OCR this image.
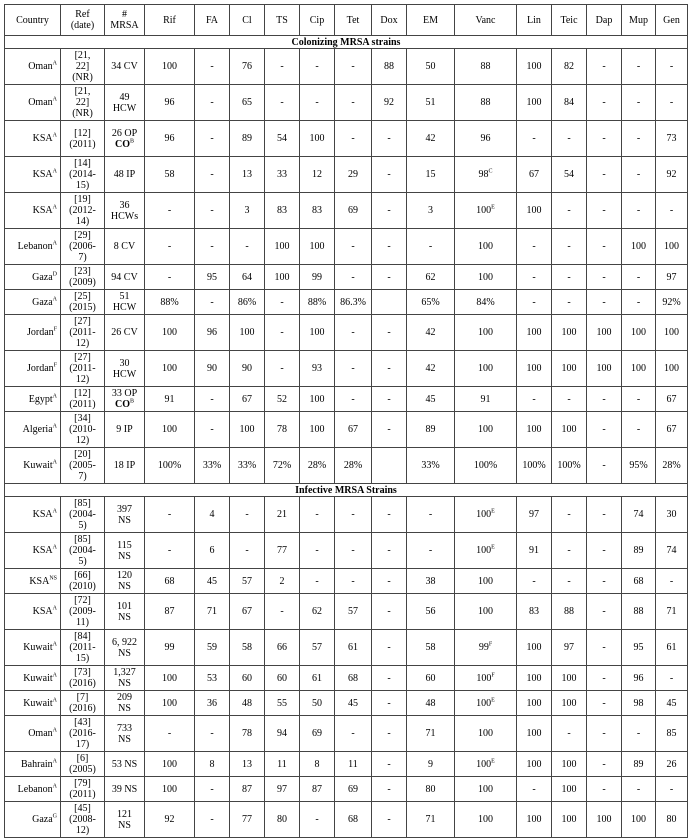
Country	Ref
(date)	#
MRSA	Rif	FA	Cl	TS	Cip	Tet	Dox	EM	Vanc	Lin	Teic	Dap	Mup	Gen
Colonizing MRSA strains																
Oman$^A$	[21,
22]
(NR)	34 CV	100	-	76	-	-	-	88	50	88	100	82	-	-	-
Oman$^A$	[21,
22]
(NR)	49
HCW	96	-	65	-	-	-	92	51	88	100	84	-	-	-
$KSA^A$	[12]
(2011)	26 OP
$CO^B$	96	-	89	54	100	-	-	42	96	-	-	-	-	73
$KSA^A$	[14]
(2014-
15)	48 IP	58	-	13	33	12	29	-	15	$98^C$	67	54	-	-	92
$KSA^A$	[19]
(2012-
14)	36
HCWs	-	-	3	83	83	69	-	3	$100^E$	100	-	-	-	-
Lebanon$^A$	[29]
(2006-
7)	8 CV	-	-	-	100	100	-	-	-	100	-	-	-	100	100
Gaza$^D$	[23]
(2009)	94 CV	-	95	64	100	99	-	-	62	100	-	-	-	-	97
Gaza$^A$	[25]
(2015)	51
HCW	88%	-	86%	-	88%	86.3%		65%	84%	-	-	-	-	92%
Jordan$^F$	[27]
(2011-
12)	26 CV	100	96	100	-	100	-	-	42	100	100	100	100	100	100
Jordan$^F$	[27]
(2011-
12)	30
HCW	100	90	90	-	93	-	-	42	100	100	100	100	100	100
Egypt$^A$	[12]
(2011)	33 OP
$CO^B$	91	-	67	52	100	-	-	45	91	-	-	-	-	67
Algeria$^A$	[34]
(2010-
12)	9 IP	100	-	100	78	100	67	-	89	100	100	100	-	-	67
Kuwait$^A$	[20]
(2005-
7)	18 IP	100%	33%	33%	72%	28%	28%		33%	100%	100%	100%	-	95%	28%
Infective MRSA Strains																
$KSA^A$	[85]
(2004-
5)	397
NS	-	4	-	21	-	-	-	-	$100^E$	97	-	-	74	30
$KSA^A$	[85]
(2004-
5)	115
NS	-	6	-	77	-	-	-	-	$100^E$	91	-	-	89	74
$KSA^{NS}$	[66]
(2010)	120
NS	68	45	57	2	-	-	-	38	100	-	-	-	68	-
$KSA^A$	[72]
(2009-
11)	101
NS	87	71	67	-	62	57	-	56	100	83	88	-	88	71
Kuwait$^A$	[84]
(2011-
15)	6, 922
NS	99	59	58	66	57	61	-	58	$99^F$	100	97	-	95	61
Kuwait$^A$	[73]
(2016)	1,327
NS	100	53	60	60	61	68	-	60	$100^F$	100	100	-	96	-
Kuwait$^A$	[7]
(2016)	209
NS	100	36	48	55	50	45	-	48	$100^E$	100	100	-	98	45
Oman$^A$	[43]
(2016-
17)	733
NS	-	-	78	94	69	-	-	71	100	100	-	-	-	85
Bahrain$^A$	[6]
(2005)	53 NS	100	8	13	11	8	11	-	9	$100^E$	100	100	-	89	26
Lebanon$^A$	[79]
(2011)	39 NS	100	-	87	97	87	69	-	80	100	-	100	-	-	-
Gaza$^G$	[45]
(2008-
12)	121
NS	92	-	77	80	-	68	-	71	100	100	100	100	100	80
